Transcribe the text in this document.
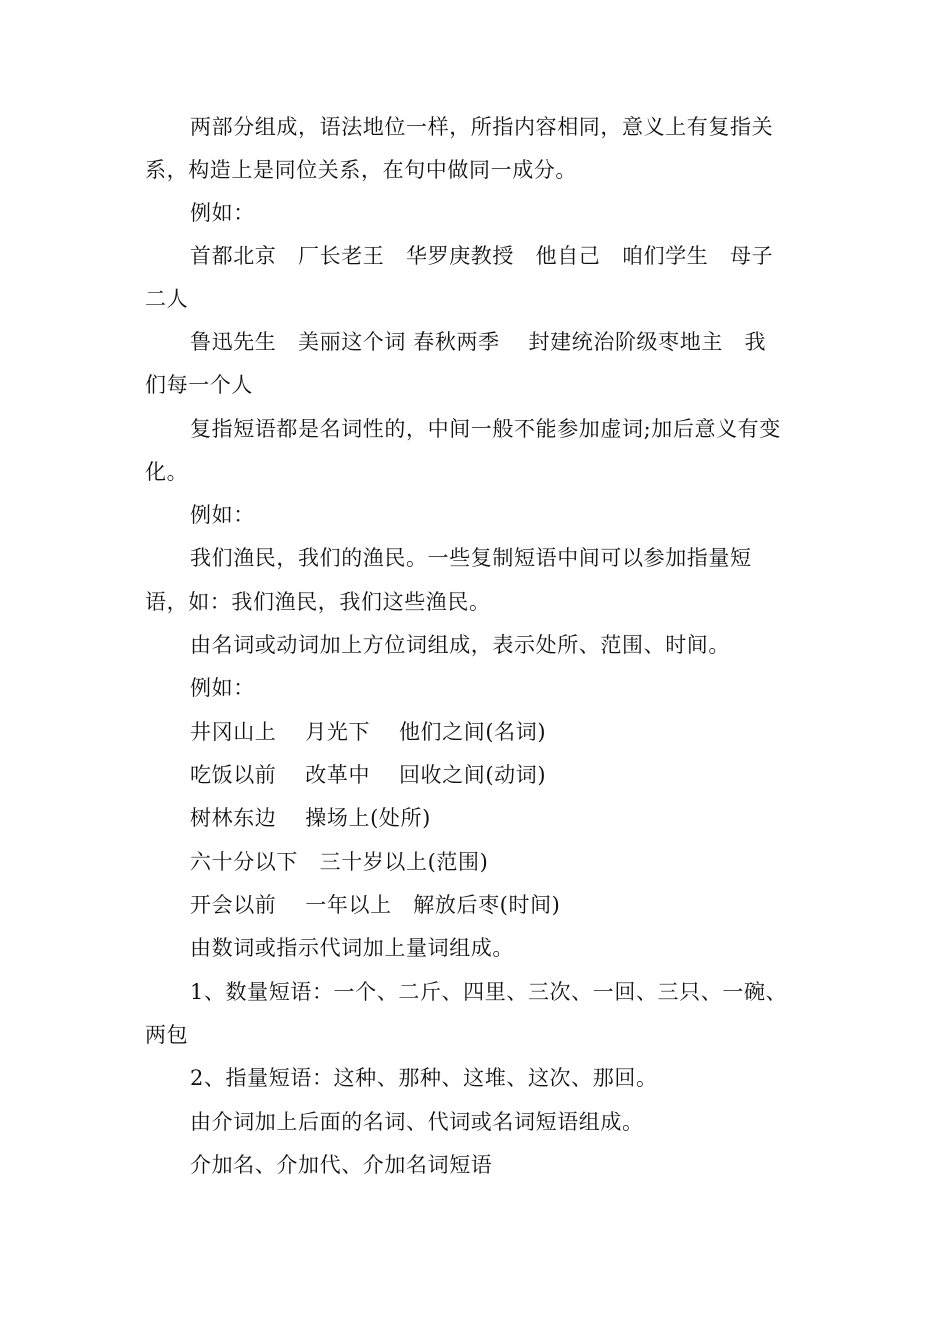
两部分组成，语法地位一样，所指内容相同，意义上有复指关
系，构造上是同位关系，在句中做同一成分。
例如：
首都北京　厂长老王　华罗庚教授　他自己　咱们学生　母子
二人
鲁迅先生　美丽这个词 春秋两季　 封建统治阶级枣地主　我
们每一个人
复指短语都是名词性的，中间一般不能参加虚词;加后意义有变
化。
例如：
我们渔民，我们的渔民。一些复制短语中间可以参加指量短
语，如：我们渔民，我们这些渔民。
由名词或动词加上方位词组成，表示处所、范围、时间。
例如：
井冈山上　 月光下　 他们之间(名词)
吃饭以前　 改革中　 回收之间(动词)
树林东边　 操场上(处所)
六十分以下　三十岁以上(范围)
开会以前　 一年以上　解放后枣(时间)
由数词或指示代词加上量词组成。
1、数量短语：一个、二斤、四里、三次、一回、三只、一碗、
两包
2、指量短语：这种、那种、这堆、这次、那回。
由介词加上后面的名词、代词或名词短语组成。
介加名、介加代、介加名词短语
